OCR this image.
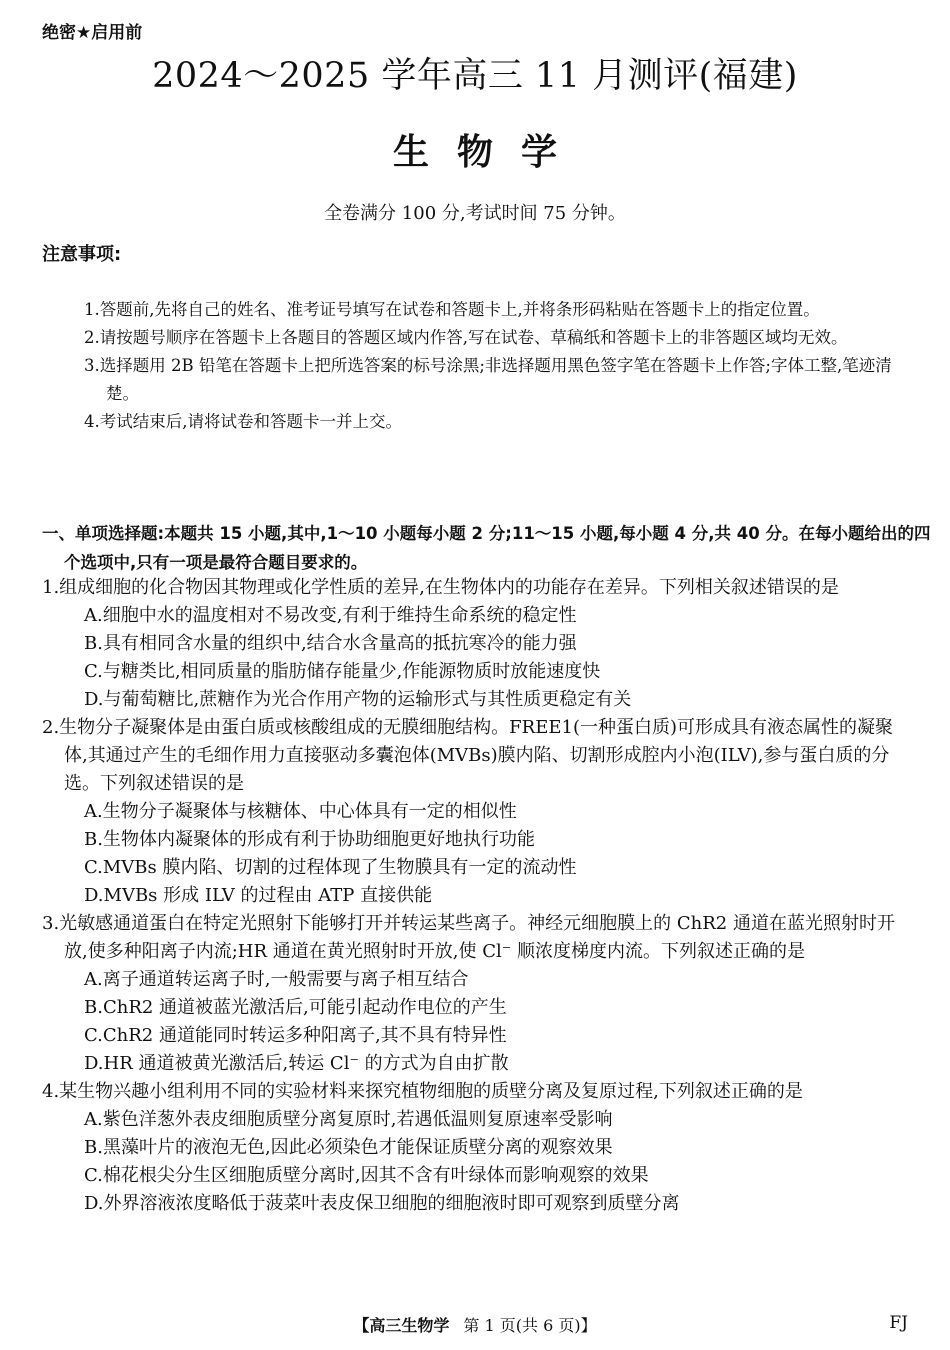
绝密★启用前
2024～2025 学年高三 11 月测评(福建)
生物学
全卷满分 100 分,考试时间 75 分钟。
注意事项:
1.答题前,先将自己的姓名、准考证号填写在试卷和答题卡上,并将条形码粘贴在答题卡上的指定位置。
2.请按题号顺序在答题卡上各题目的答题区域内作答,写在试卷、草稿纸和答题卡上的非答题区域均无效。
3.选择题用 2B 铅笔在答题卡上把所选答案的标号涂黑;非选择题用黑色签字笔在答题卡上作答;字体工整,笔迹清楚。
4.考试结束后,请将试卷和答题卡一并上交。
一、单项选择题:本题共 15 小题,其中,1～10 小题每小题 2 分;11～15 小题,每小题 4 分,共 40 分。在每小题给出的四个选项中,只有一项是最符合题目要求的。
1.组成细胞的化合物因其物理或化学性质的差异,在生物体内的功能存在差异。下列相关叙述错误的是
A.细胞中水的温度相对不易改变,有利于维持生命系统的稳定性
B.具有相同含水量的组织中,结合水含量高的抵抗寒冷的能力强
C.与糖类比,相同质量的脂肪储存能量少,作能源物质时放能速度快
D.与葡萄糖比,蔗糖作为光合作用产物的运输形式与其性质更稳定有关
2.生物分子凝聚体是由蛋白质或核酸组成的无膜细胞结构。FREE1(一种蛋白质)可形成具有液态属性的凝聚体,其通过产生的毛细作用力直接驱动多囊泡体(MVBs)膜内陷、切割形成腔内小泡(ILV),参与蛋白质的分选。下列叙述错误的是
A.生物分子凝聚体与核糖体、中心体具有一定的相似性
B.生物体内凝聚体的形成有利于协助细胞更好地执行功能
C.MVBs 膜内陷、切割的过程体现了生物膜具有一定的流动性
D.MVBs 形成 ILV 的过程由 ATP 直接供能
3.光敏感通道蛋白在特定光照射下能够打开并转运某些离子。神经元细胞膜上的 ChR2 通道在蓝光照射时开放,使多种阳离子内流;HR 通道在黄光照射时开放,使 Cl⁻ 顺浓度梯度内流。下列叙述正确的是
A.离子通道转运离子时,一般需要与离子相互结合
B.ChR2 通道被蓝光激活后,可能引起动作电位的产生
C.ChR2 通道能同时转运多种阳离子,其不具有特异性
D.HR 通道被黄光激活后,转运 Cl⁻ 的方式为自由扩散
4.某生物兴趣小组利用不同的实验材料来探究植物细胞的质壁分离及复原过程,下列叙述正确的是
A.紫色洋葱外表皮细胞质壁分离复原时,若遇低温则复原速率受影响
B.黑藻叶片的液泡无色,因此必须染色才能保证质壁分离的观察效果
C.棉花根尖分生区细胞质壁分离时,因其不含有叶绿体而影响观察的效果
D.外界溶液浓度略低于菠菜叶表皮保卫细胞的细胞液时即可观察到质壁分离
【高三生物学 第 1 页(共 6 页)】	FJ
